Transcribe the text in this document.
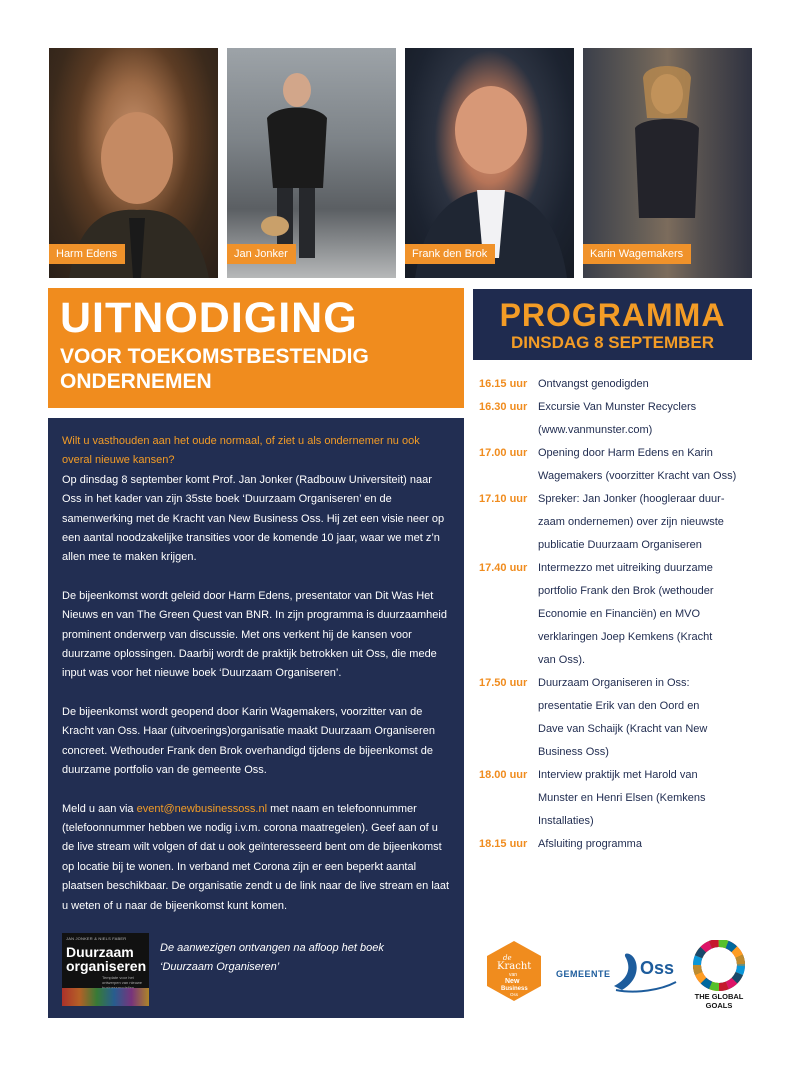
Harm Edens	Jan Jonker	Frank den Brok	Karin Wagemakers
UITNODIGING
VOOR TOEKOMSTBESTENDIG
ONDERNEMEN
PROGRAMMA
DINSDAG 8 SEPTEMBER

Wilt u vasthouden aan het oude normaal, of ziet u als ondernemer nu ook overal nieuwe kansen?
Op dinsdag 8 september komt Prof. Jan Jonker (Radbouw Universiteit) naar Oss in het kader van zijn 35ste boek ‘Duurzaam Organiseren’ en de samenwerking met de Kracht van New Business Oss. Hij zet een visie neer op een aantal noodzakelijke transities voor de komende 10 jaar, waar we met z’n allen mee te maken krijgen.

De bijeenkomst wordt geleid door Harm Edens, presentator van Dit Was Het Nieuws en van The Green Quest van BNR. In zijn programma is duurzaamheid prominent onderwerp van discussie. Met ons verkent hij de kansen voor duurzame oplossingen. Daarbij wordt de praktijk betrokken uit Oss, die mede input was voor het nieuwe boek ‘Duurzaam Organiseren’.

De bijeenkomst wordt geopend door Karin Wagemakers, voorzitter van de Kracht van Oss. Haar (uitvoerings)organisatie maakt Duurzaam Organiseren concreet. Wethouder Frank den Brok overhandigd tijdens de bijeenkomst de duurzame portfolio van de gemeente Oss.

Meld u aan via event@newbusinessoss.nl met naam en telefoonnummer (telefoonnummer hebben we nodig i.v.m. corona maatregelen). Geef aan of u de live stream wilt volgen of dat u ook geïnteresseerd bent om de bijeenkomst op locatie bij te wonen. In verband met Corona zijn er een beperkt aantal plaatsen beschikbaar. De organisatie zendt u de link naar de live stream en laat u weten of u naar de bijeenkomst kunt komen.

JAN JONKER & NIELS FABER
Duurzaam organiseren
Template voor het ontwerpen van nieuwe
De aanwezigen ontvangen na afloop het boek ‘Duurzaam Organiseren’
16.15 uur Ontvangst genodigden
16.30 uur Excursie Van Munster Recyclers
(www.vanmunster.com)
17.00 uur Opening door Harm Edens en Karin
Wagemakers (voorzitter Kracht van Oss)
17.10 uur Spreker: Jan Jonker (hoogleraar duur-
zaam ondernemen) over zijn nieuwste
publicatie Duurzaam Organiseren
17.40 uur Intermezzo met uitreiking duurzame
portfolio Frank den Brok (wethouder
Economie en Financiën) en MVO
verklaringen Joep Kemkens (Kracht
van Oss).
17.50 uur Duurzaam Organiseren in Oss:
presentatie Erik van den Oord en
Dave van Schaijk (Kracht van New
Business Oss)
18.00 uur Interview praktijk met Harold van
Munster en Henri Elsen (Kemkens
Installaties)
18.15 uur Afsluiting programma
de
Kracht
van
New
Business
Oss
GEMEENTE Oss
THE GLOBAL GOALS
